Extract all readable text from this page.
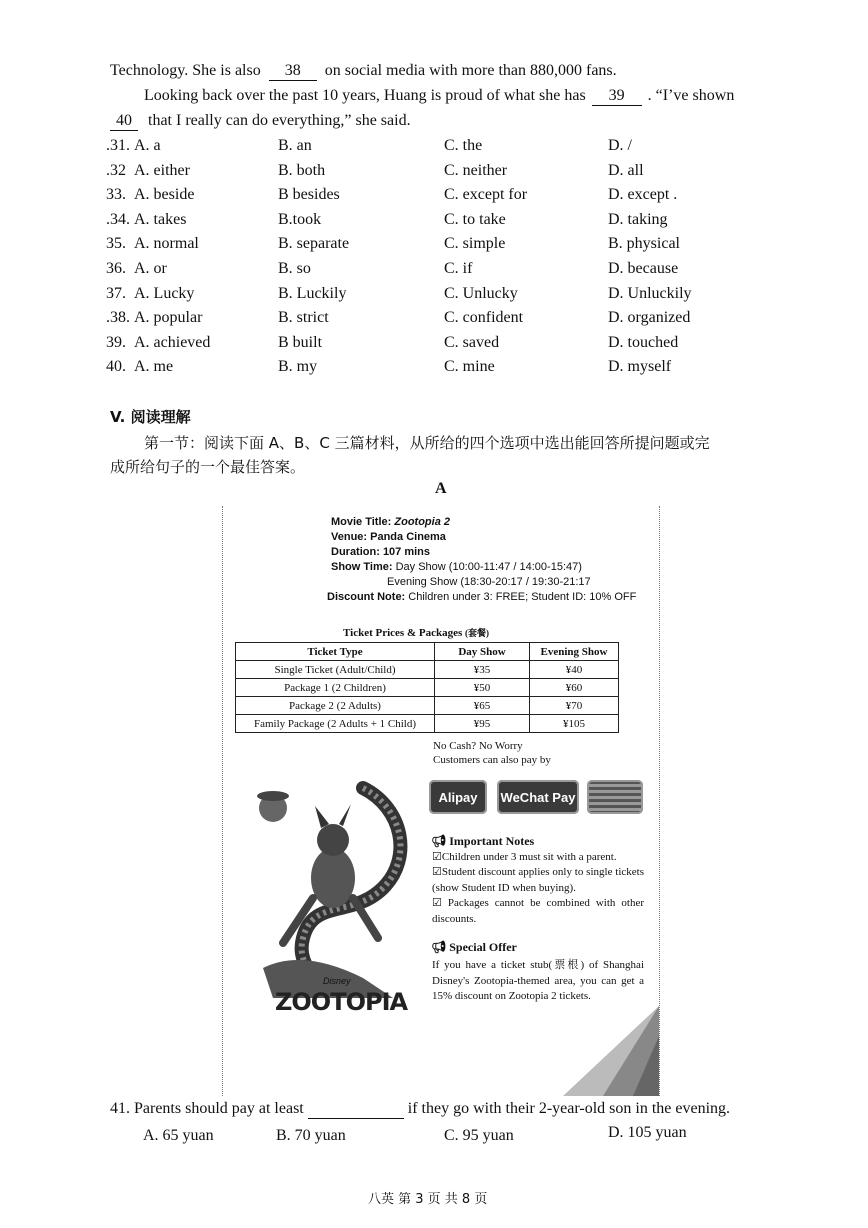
Technology. She is also 38 on social media with more than 880,000 fans.
Looking back over the past 10 years, Huang is proud of what she has 39 . “I’ve shown
40 that I really can do everything,” she said.
.31. A. a	B. an	C. the	D. /
.32 A. either	B. both	C. neither	D. all
33. A. beside	B besides	C. except for	D. except .
.34. A. takes	B.took	C. to take	D. taking
35. A. normal	B. separate	C. simple	B. physical
36. A. or	B. so	C. if	D. because
37. A. Lucky	B. Luckily	C. Unlucky	D. Unluckily
.38. A. popular	B. strict	C. confident	D. organized
39. A. achieved	B built	C. saved	D. touched
40. A. me	B. my	C. mine	D. myself
V. 阅读理解
第一节：阅读下面 A、B、C 三篇材料，从所给的四个选项中选出能回答所提问题或完
成所给句子的一个最佳答案。
A
Movie Title: Zootopia 2
Venue: Panda Cinema
Duration: 107 mins
Show Time: Day Show (10:00-11:47 / 14:00-15:47)
Evening Show (18:30-20:17 / 19:30-21:17
Discount Note: Children under 3: FREE; Student ID: 10% OFF
Ticket Prices & Packages (套餐)
Ticket Type	Day Show	Evening Show
Single Ticket (Adult/Child)	¥35	¥40
Package 1 (2 Children)	¥50	¥60
Package 2 (2 Adults)	¥65	¥70
Family Package (2 Adults + 1 Child)	¥95	¥105
No Cash? No Worry
Customers can also pay by
Alipay	WeChat Pay
Disney
ZOOTOPIA
📢︎ Important Notes
☑Children under 3 must sit with a parent.
☑Student discount applies only to single tickets (show Student ID when buying).
☑ Packages cannot be combined with other discounts.
📢︎ Special Offer
If you have a ticket stub(票根) of Shanghai Disney's Zootopia-themed area, you can get a 15% discount on Zootopia 2 tickets.
41. Parents should pay at least	if they go with their 2-year-old son in the evening.
A. 65 yuan	B. 70 yuan	C. 95 yuan	D. 105 yuan
八英 第 3 页 共 8 页
